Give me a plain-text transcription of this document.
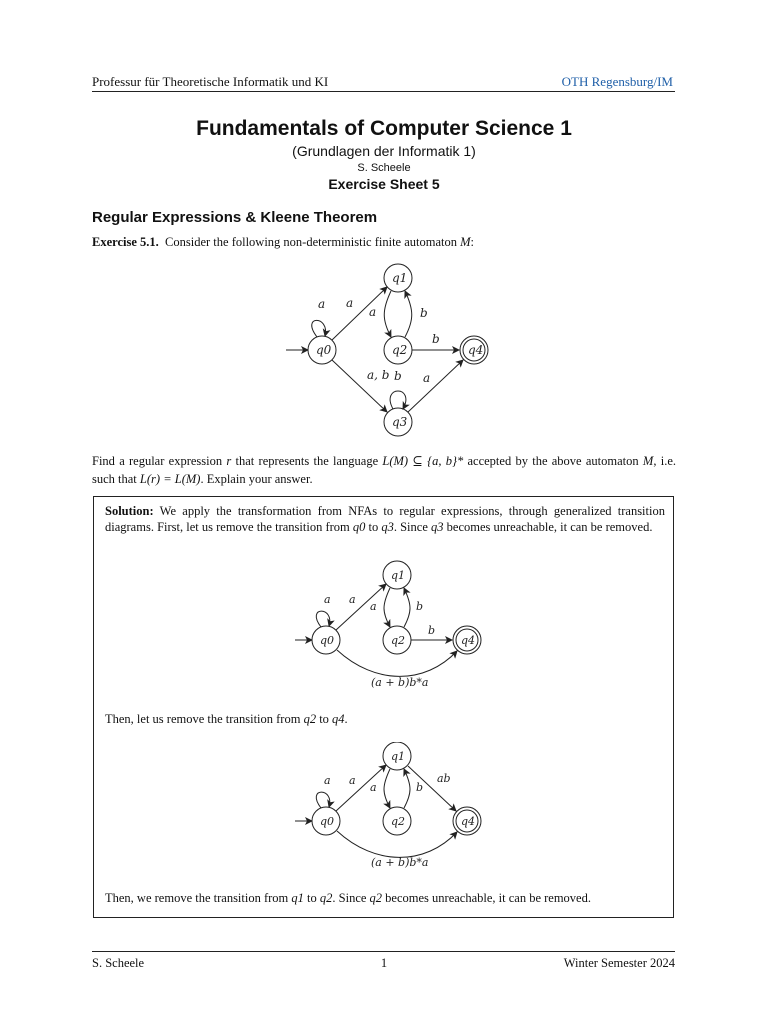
Professur für Theoretische Informatik und KI	OTH Regensburg/IM
Fundamentals of Computer Science 1
(Grundlagen der Informatik 1)
S. Scheele
Exercise Sheet 5
Regular Expressions & Kleene Theorem
Exercise 5.1. Consider the following non-deterministic finite automaton M:
q0
q1
q2
q3
q4
a a
a	b
b
a, b b a
Find a regular expression r that represents the language L(M) ⊆ {a, b}* accepted by the above automaton M, i.e. such that L(r) = L(M). Explain your answer.
Solution: We apply the transformation from NFAs to regular expressions, through generalized transition diagrams. First, let us remove the transition from q0 to q3. Since q3 becomes unreachable, it can be removed.
q0
q1
q2	q4
a a
a	b
b
(a + b)b*a
Then, let us remove the transition from q2 to q4.
q0
q1
q2	q4
a a
a	b
ab
(a + b)b*a
Then, we remove the transition from q1 to q2. Since q2 becomes unreachable, it can be removed.
S. Scheele	1	Winter Semester 2024
